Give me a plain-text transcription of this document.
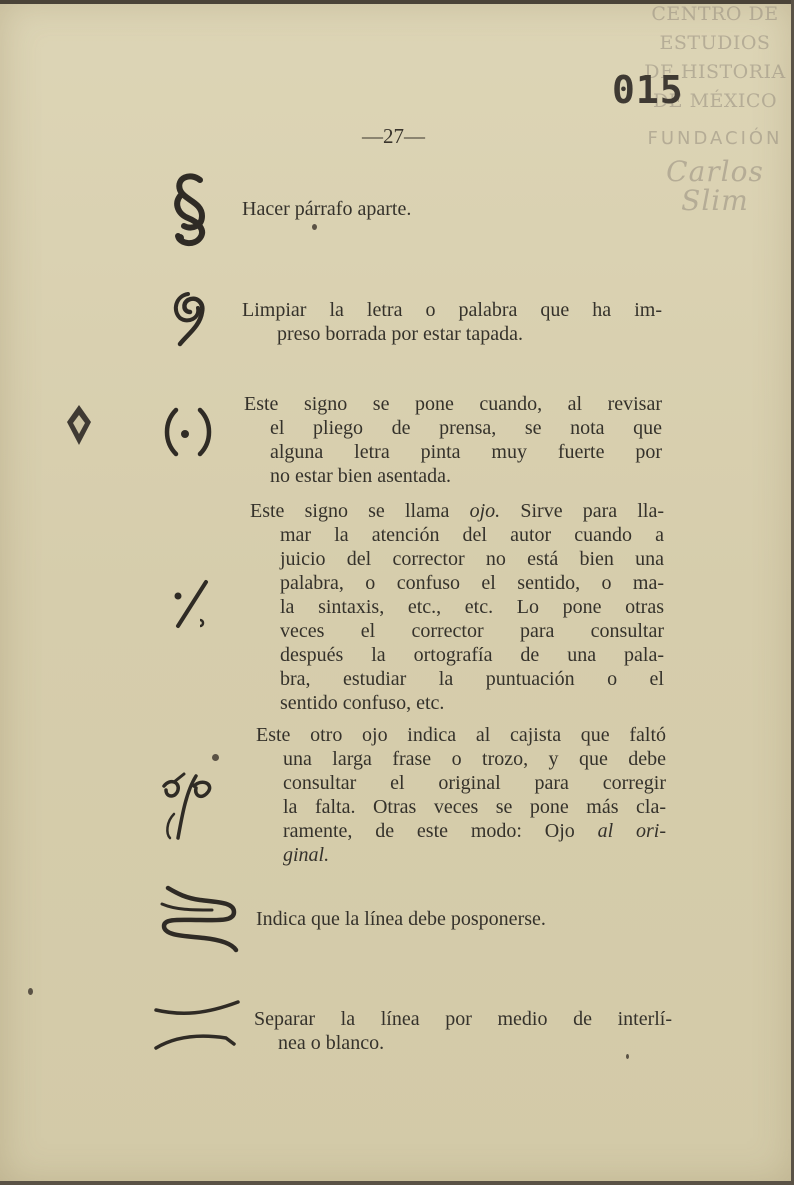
CENTRO DE
ESTUDIOS
DE HISTORIA
DE MÉXICO
FUNDACIÓN
Carlos Slim
015
—27—

Hacer párrafo aparte.

Limpiar la letra o palabra que ha im-

preso borrada por estar tapada.

Este signo se pone cuando, al revisar

el pliego de prensa, se nota que

alguna letra pinta muy fuerte por

no estar bien asentada.

Este signo se llama ojo. Sirve para lla-

mar la atención del autor cuando a

juicio del corrector no está bien una

palabra, o confuso el sentido, o ma-

la sintaxis, etc., etc. Lo pone otras

veces el corrector para consultar

después la ortografía de una pala-

bra, estudiar la puntuación o el

sentido confuso, etc.

Este otro ojo indica al cajista que faltó

una larga frase o trozo, y que debe

consultar el original para corregir

la falta. Otras veces se pone más cla-

ramente, de este modo: Ojo al ori-

ginal.

Indica que la línea debe posponerse.

Separar la línea por medio de interlí-

nea o blanco.
